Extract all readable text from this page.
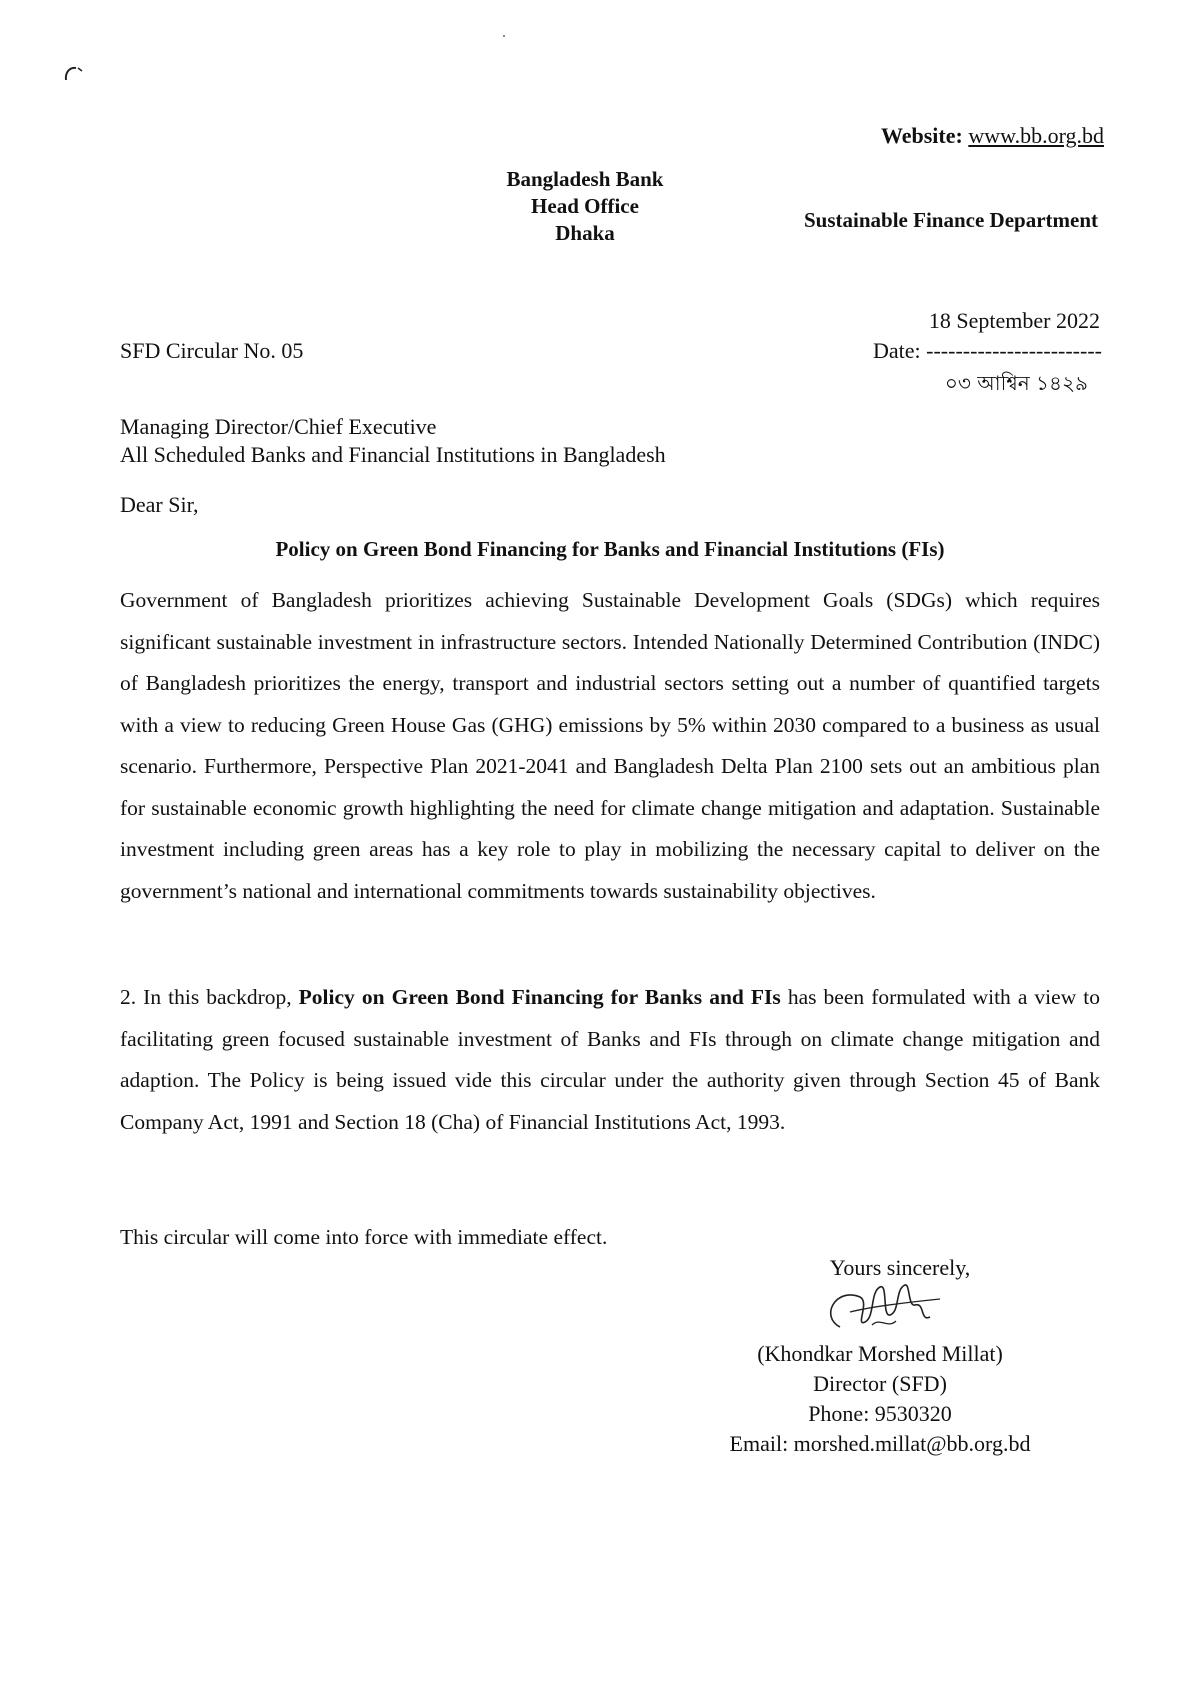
Website: www.bb.org.bd
Bangladesh Bank
Head Office
Dhaka
Sustainable Finance Department
18 September 2022
SFD Circular No. 05	Date: ------------------------
০৩ আশ্বিন ১৪২৯
Managing Director/Chief Executive
All Scheduled Banks and Financial Institutions in Bangladesh
Dear Sir,
Policy on Green Bond Financing for Banks and Financial Institutions (FIs)
Government of Bangladesh prioritizes achieving Sustainable Development Goals (SDGs) which requires significant sustainable investment in infrastructure sectors. Intended Nationally Determined Contribution (INDC) of Bangladesh prioritizes the energy, transport and industrial sectors setting out a number of quantified targets with a view to reducing Green House Gas (GHG) emissions by 5% within 2030 compared to a business as usual scenario. Furthermore, Perspective Plan 2021-2041 and Bangladesh Delta Plan 2100 sets out an ambitious plan for sustainable economic growth highlighting the need for climate change mitigation and adaptation. Sustainable investment including green areas has a key role to play in mobilizing the necessary capital to deliver on the government’s national and international commitments towards sustainability objectives.
2. In this backdrop, Policy on Green Bond Financing for Banks and FIs has been formulated with a view to facilitating green focused sustainable investment of Banks and FIs through on climate change mitigation and adaption. The Policy is being issued vide this circular under the authority given through Section 45 of Bank Company Act, 1991 and Section 18 (Cha) of Financial Institutions Act, 1993.
This circular will come into force with immediate effect.
Yours sincerely,
(Khondkar Morshed Millat)
Director (SFD)
Phone: 9530320
Email: morshed.millat@bb.org.bd
